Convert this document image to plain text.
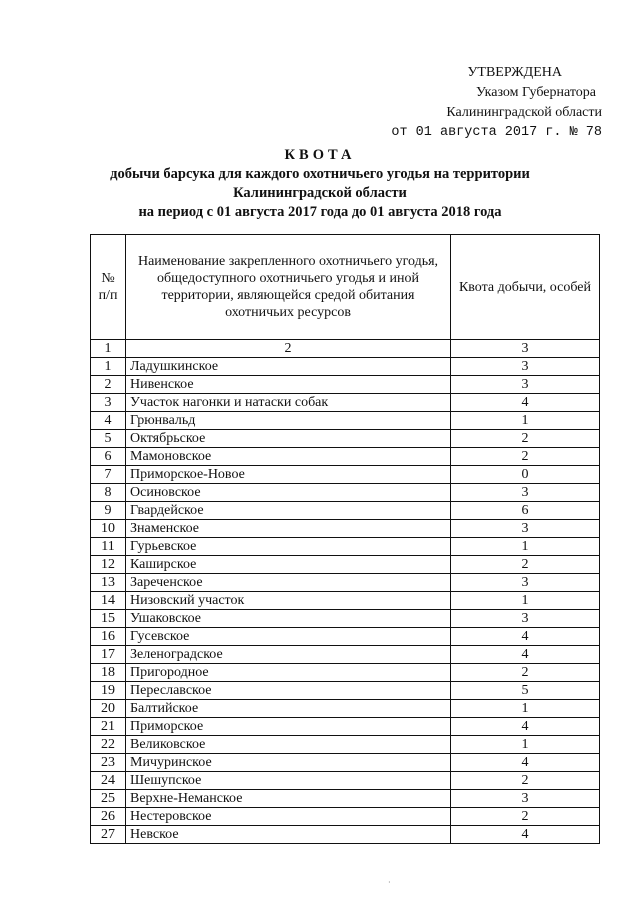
УТВЕРЖДЕНА
Указом Губернатора
Калининградской области
от 01 августа 2017 г. № 78
КВОТА
добычи барсука для каждого охотничьего угодья на территории
Калининградской области
на период с 01 августа 2017 года до 01 августа 2018 года
№ п/п	Наименование закрепленного охотничьего угодья, общедоступного охотничьего угодья и иной территории, являющейся средой обитания охотничьих ресурсов	Квота добычи, особей
1	2	3
1	Ладушкинское	3
2	Нивенское	3
3	Участок нагонки и натаски собак	4
4	Грюнвальд	1
5	Октябрьское	2
6	Мамоновское	2
7	Приморское-Новое	0
8	Осиновское	3
9	Гвардейское	6
10	Знаменское	3
11	Гурьевское	1
12	Каширское	2
13	Зареченское	3
14	Низовский участок	1
15	Ушаковское	3
16	Гусевское	4
17	Зеленоградское	4
18	Пригородное	2
19	Переславское	5
20	Балтийское	1
21	Приморское	4
22	Великовское	1
23	Мичуринское	4
24	Шешупское	2
25	Верхне-Неманское	3
26	Нестеровское	2
27	Невское	4
·
